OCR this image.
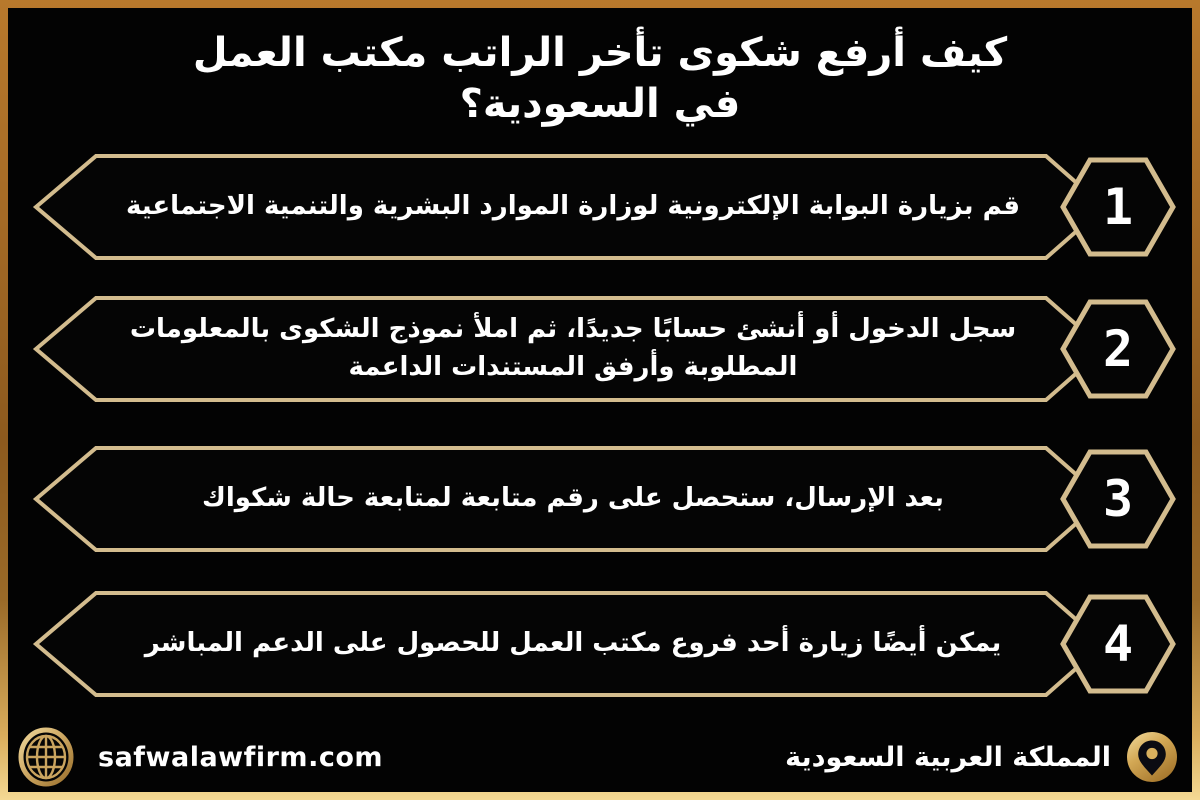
كيف أرفع شكوى تأخر الراتب مكتب العمل
في السعودية؟
قم بزيارة البوابة الإلكترونية لوزارة الموارد البشرية والتنمية الاجتماعية	1
سجل الدخول أو أنشئ حسابًا جديدًا، ثم املأ نموذج الشكوى بالمعلومات المطلوبة وأرفق المستندات الداعمة	2
بعد الإرسال، ستحصل على رقم متابعة لمتابعة حالة شكواك	3
يمكن أيضًا زيارة أحد فروع مكتب العمل للحصول على الدعم المباشر	4
safwalawfirm.com	المملكة العربية السعودية
